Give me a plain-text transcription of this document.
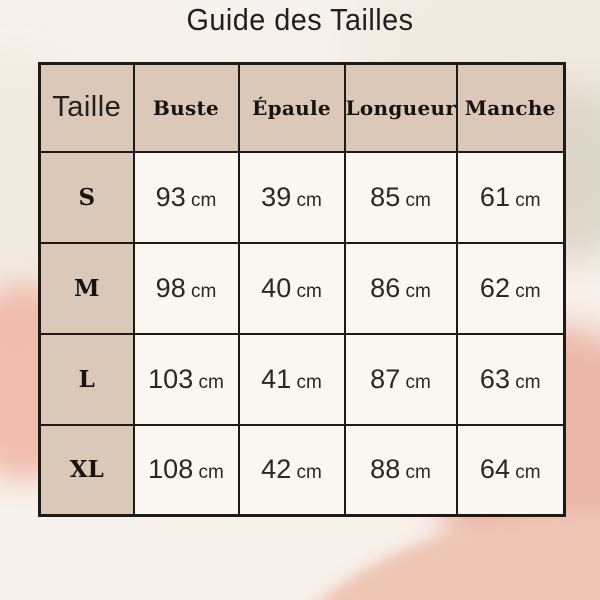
Guide des Tailles
Taille	Buste	Épaule	Longueur	Manche
S	93 cm	39 cm	85 cm	61 cm
M	98 cm	40 cm	86 cm	62 cm
L	103 cm	41 cm	87 cm	63 cm
XL	108 cm	42 cm	88 cm	64 cm
